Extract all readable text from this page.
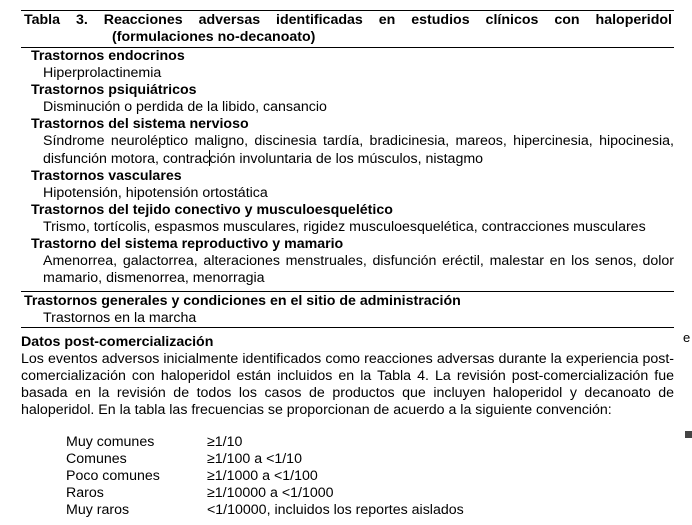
Tabla 3. Reacciones adversas identificadas en estudios clínicos con haloperidol
(formulaciones no-decanoato)
Trastornos endocrinos
Hiperprolactinemia
Trastornos psiquiátricos
Disminución o perdida de la libido, cansancio
Trastornos del sistema nervioso
Síndrome neuroléptico maligno, discinesia tardía, bradicinesia, mareos, hipercinesia, hipocinesia, disfunción motora, contracción involuntaria de los músculos, nistagmo
Trastornos vasculares
Hipotensión, hipotensión ortostática
Trastornos del tejido conectivo y musculoesquelético
Trismo, tortícolis, espasmos musculares, rigidez musculoesquelética, contracciones musculares
Trastorno del sistema reproductivo y mamario
Amenorrea, galactorrea, alteraciones menstruales, disfunción eréctil, malestar en los senos, dolor mamario, dismenorrea, menorragia
Trastornos generales y condiciones en el sitio de administración
Trastornos en la marcha
Datos post-comercialización
Los eventos adversos inicialmente identificados como reacciones adversas durante la experiencia post-comercialización con haloperidol están incluidos en la Tabla 4. La revisión post-comercialización fue basada en la revisión de todos los casos de productos que incluyen haloperidol y decanoato de haloperidol. En la tabla las frecuencias se proporcionan de acuerdo a la siguiente convención:
Muy comunes	≥1/10
Comunes	≥1/100 a <1/10
Poco comunes	≥1/1000 a <1/100
Raros	≥1/10000 a <1/1000
Muy raros	<1/10000, incluidos los reportes aislados
e
